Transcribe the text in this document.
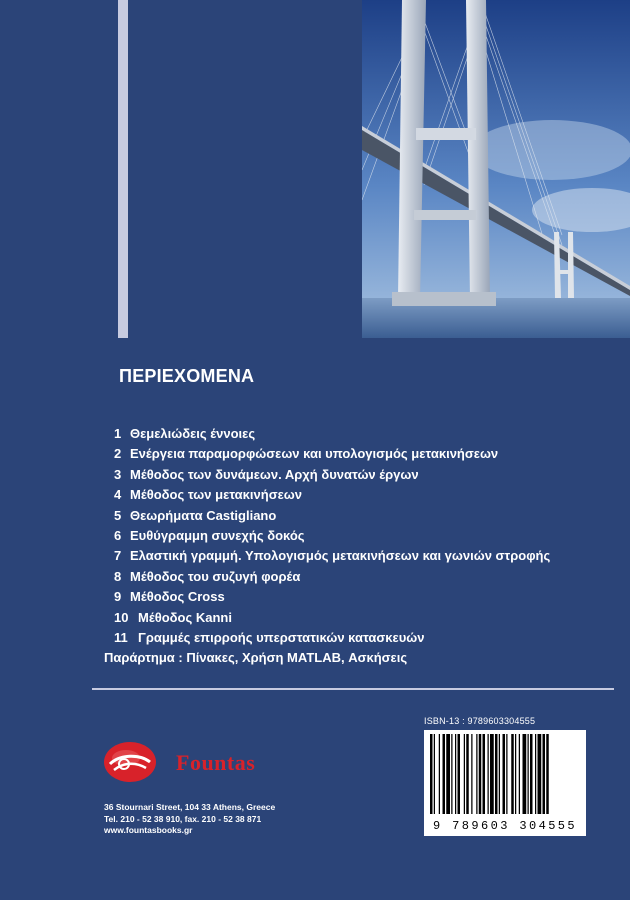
ΠΕΡΙΕΧΟΜΕΝΑ
1 Θεμελιώδεις έννοιες
2 Ενέργεια παραμορφώσεων και υπολογισμός μετακινήσεων
3 Μέθοδος των δυνάμεων. Αρχή δυνατών έργων
4 Μέθοδος των μετακινήσεων
5 Θεωρήματα Castigliano
6 Ευθύγραμμη συνεχής δοκός
7 Ελαστική γραμμή. Υπολογισμός μετακινήσεων και γωνιών στροφής
8 Μέθοδος του συζυγή φορέα
9 Μέθοδος Cross
10 Μέθοδος Kanni
11 Γραμμές επιρροής υπερστατικών κατασκευών
Παράρτημα : Πίνακες, Χρήση MATLAB, Ασκήσεις
Fountas
36 Stournari Street, 104 33 Athens, Greece
Tel. 210 - 52 38 910, fax. 210 - 52 38 871
www.fountasbooks.gr
ISBN-13 : 9789603304555
9 789603 304555
